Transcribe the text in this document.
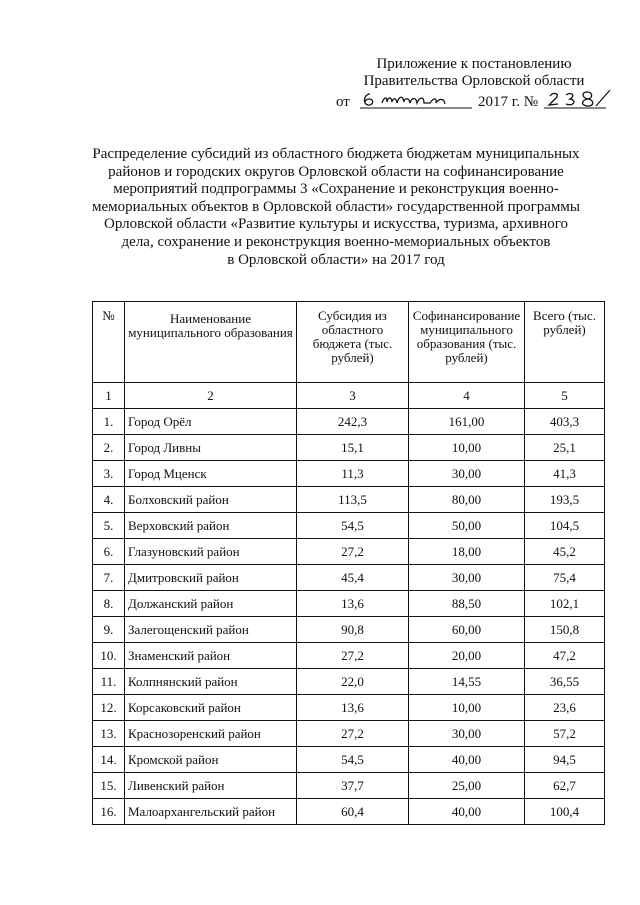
Приложение к постановлению
Правительства Орловской области
от	2017 г. №
Распределение субсидий из областного бюджета бюджетам муниципальных
районов и городских округов Орловской области на софинансирование
мероприятий подпрограммы 3 «Сохранение и реконструкция военно-
мемориальных объектов в Орловской области» государственной программы
Орловской области «Развитие культуры и искусства, туризма, архивного
дела, сохранение и реконструкция военно-мемориальных объектов
в Орловской области» на 2017 год
№	Наименование муниципального образования	Субсидия из областного бюджета (тыс. рублей)	Софинансирование муниципального образования (тыс. рублей)	Всего (тыс. рублей)
1	2	3	4	5
1.	Город Орёл	242,3	161,00	403,3
2.	Город Ливны	15,1	10,00	25,1
3.	Город Мценск	11,3	30,00	41,3
4.	Болховский район	113,5	80,00	193,5
5.	Верховский район	54,5	50,00	104,5
6.	Глазуновский район	27,2	18,00	45,2
7.	Дмитровский район	45,4	30,00	75,4
8.	Должанский район	13,6	88,50	102,1
9.	Залегощенский район	90,8	60,00	150,8
10.	Знаменский район	27,2	20,00	47,2
11.	Колпнянский район	22,0	14,55	36,55
12.	Корсаковский район	13,6	10,00	23,6
13.	Краснозоренский район	27,2	30,00	57,2
14.	Кромской район	54,5	40,00	94,5
15.	Ливенский район	37,7	25,00	62,7
16.	Малоархангельский район	60,4	40,00	100,4
